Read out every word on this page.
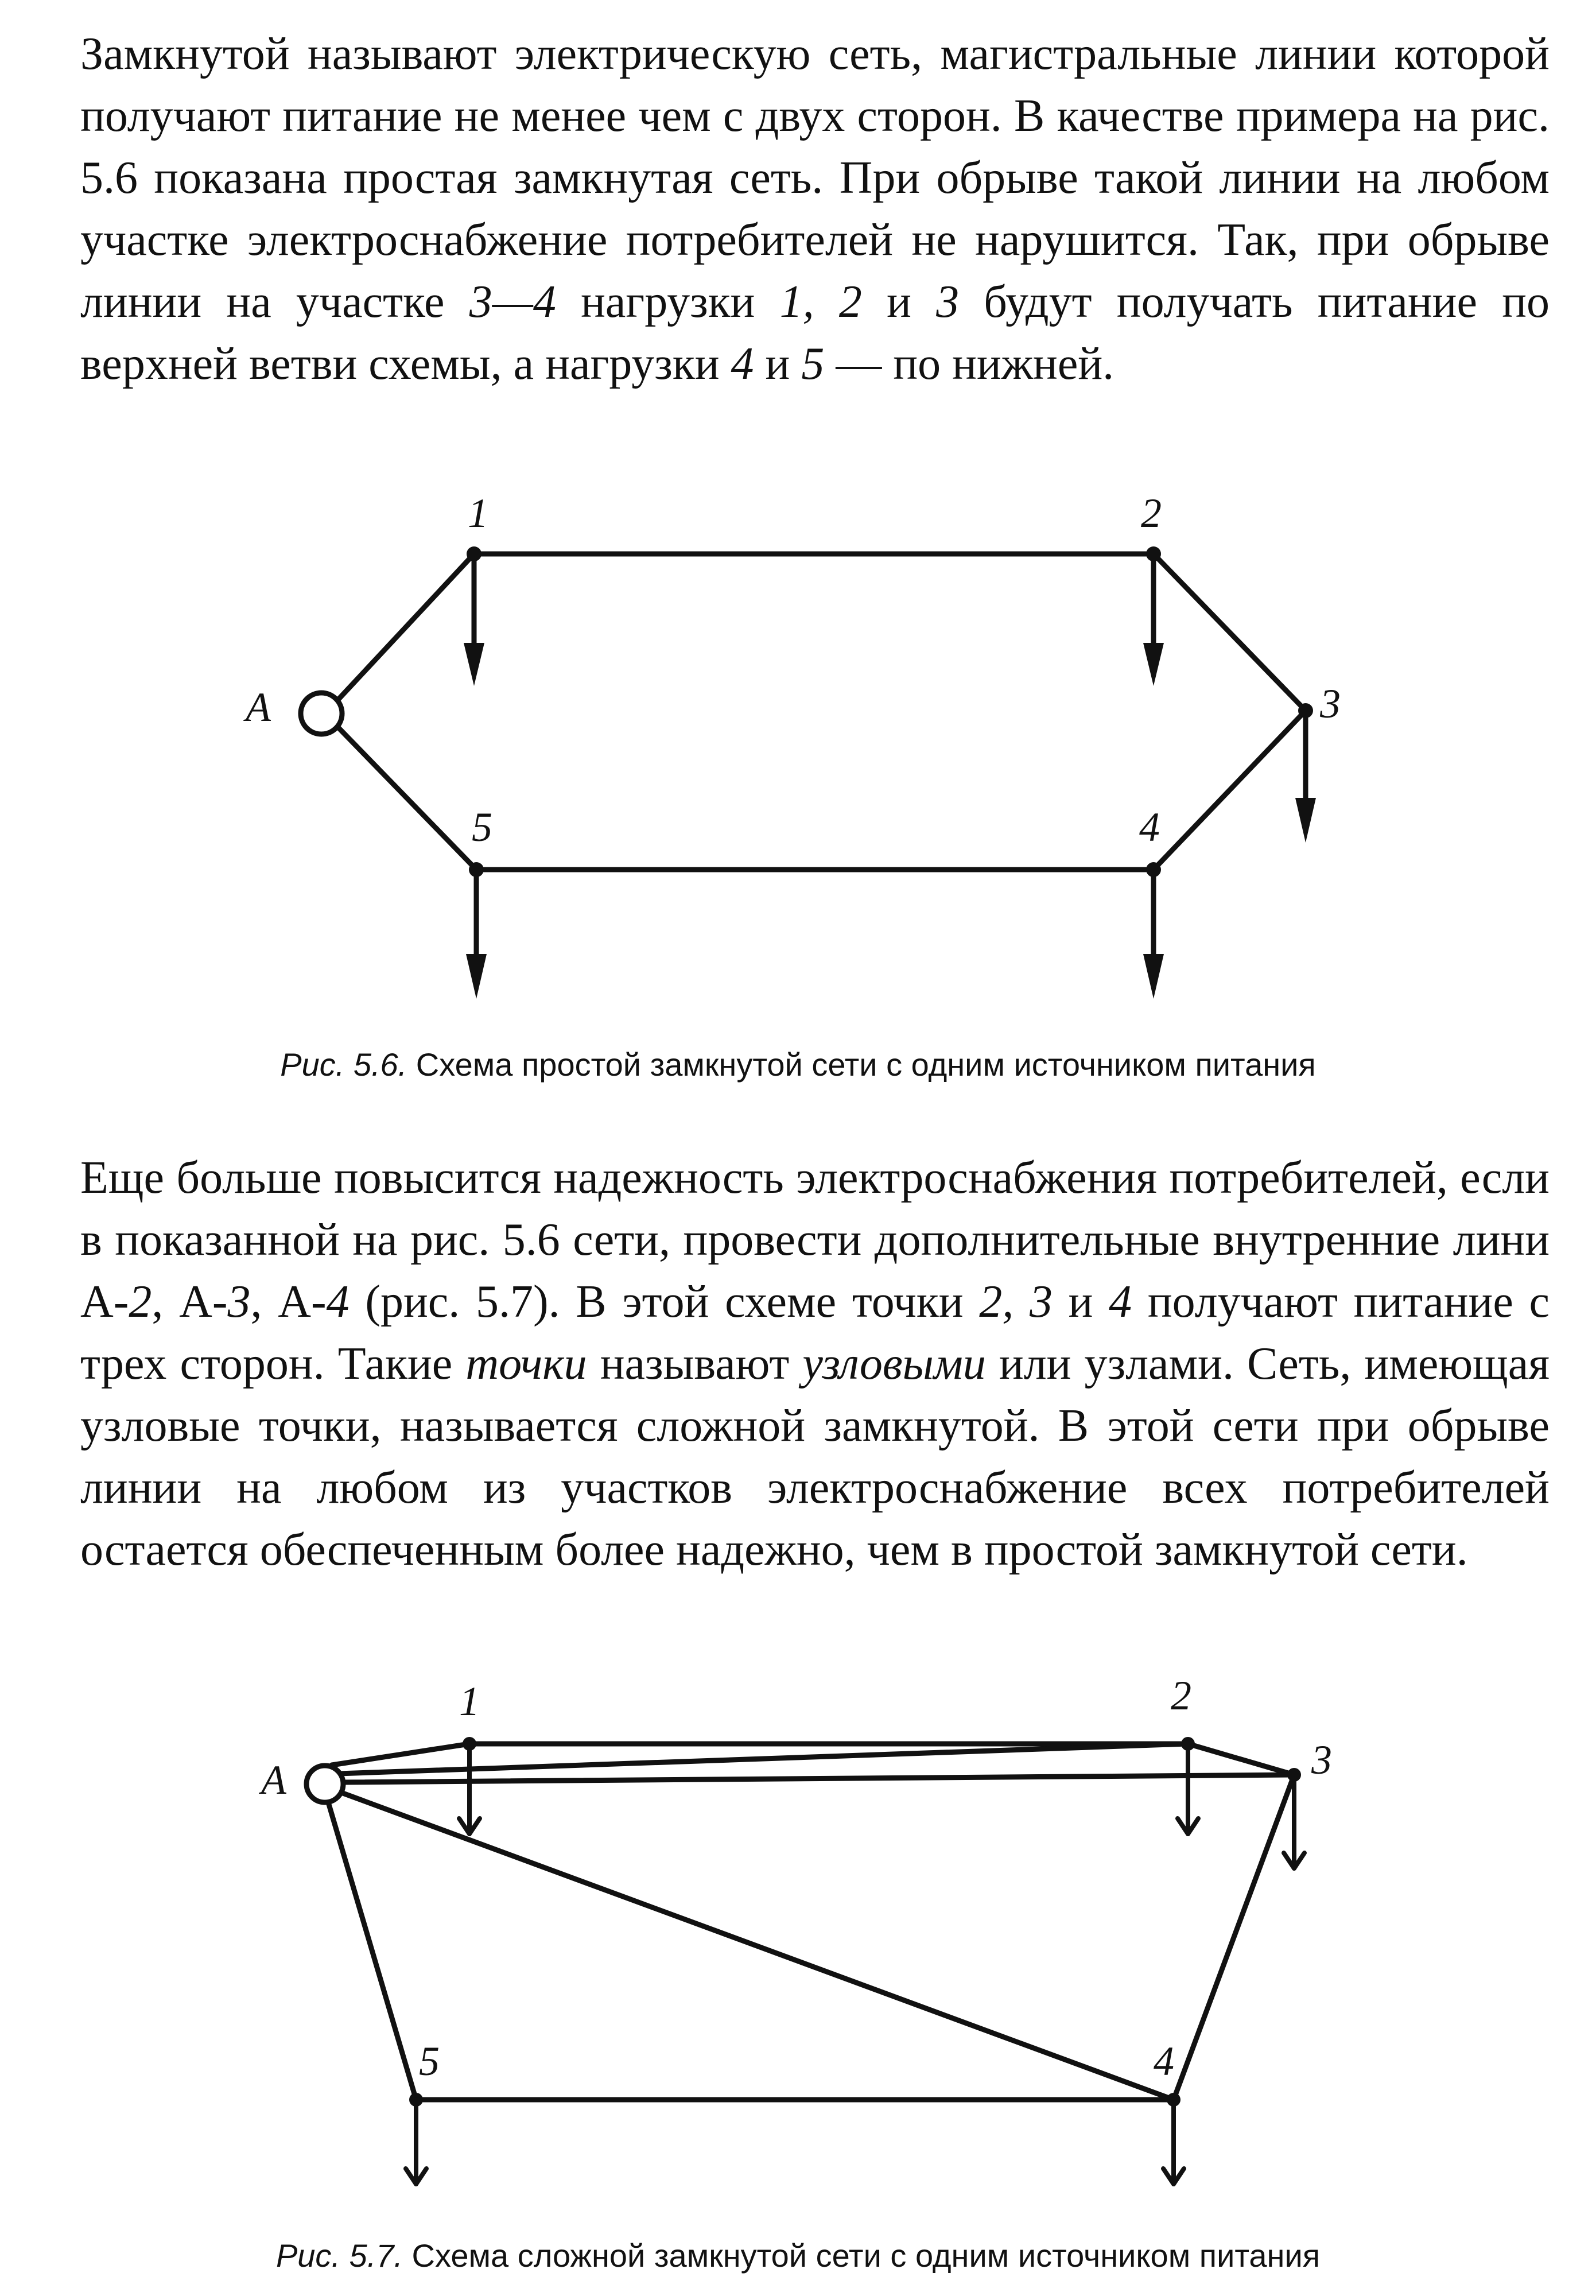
Замкнутой называют электрическую сеть, магистральные линии которой получают питание не менее чем с двух сторон. В качестве примера на рис. 5.6 показана простая замкнутая сеть. При обрыве такой линии на любом участке электроснабжение потребителей не нарушится. Так, при обрыве линии на участке 3—4 нагрузки 1, 2 и 3 будут получать питание по верхней ветви схемы, а нагрузки 4 и 5 — по нижней.

A
1	2
3
4
5

Рис. 5.6. Схема простой замкнутой сети с одним источником питания

Еще больше повысится надежность электроснабжения потребителей, если в показанной на рис. 5.6 сети, провести дополнительные внутренние лини А-2, А-3, А-4 (рис. 5.7). В этой схеме точки 2, 3 и 4 получают питание с трех сторон. Такие точки называют узловыми или узлами. Сеть, имеющая узловые точки, называется сложной замкнутой. В этой сети при обрыве линии на любом из участков электроснабжение всех потребителей остается обеспеченным более надежно, чем в простой замкнутой сети.

A
1	2
3
4
5

Рис. 5.7. Схема сложной замкнутой сети с одним источником питания
